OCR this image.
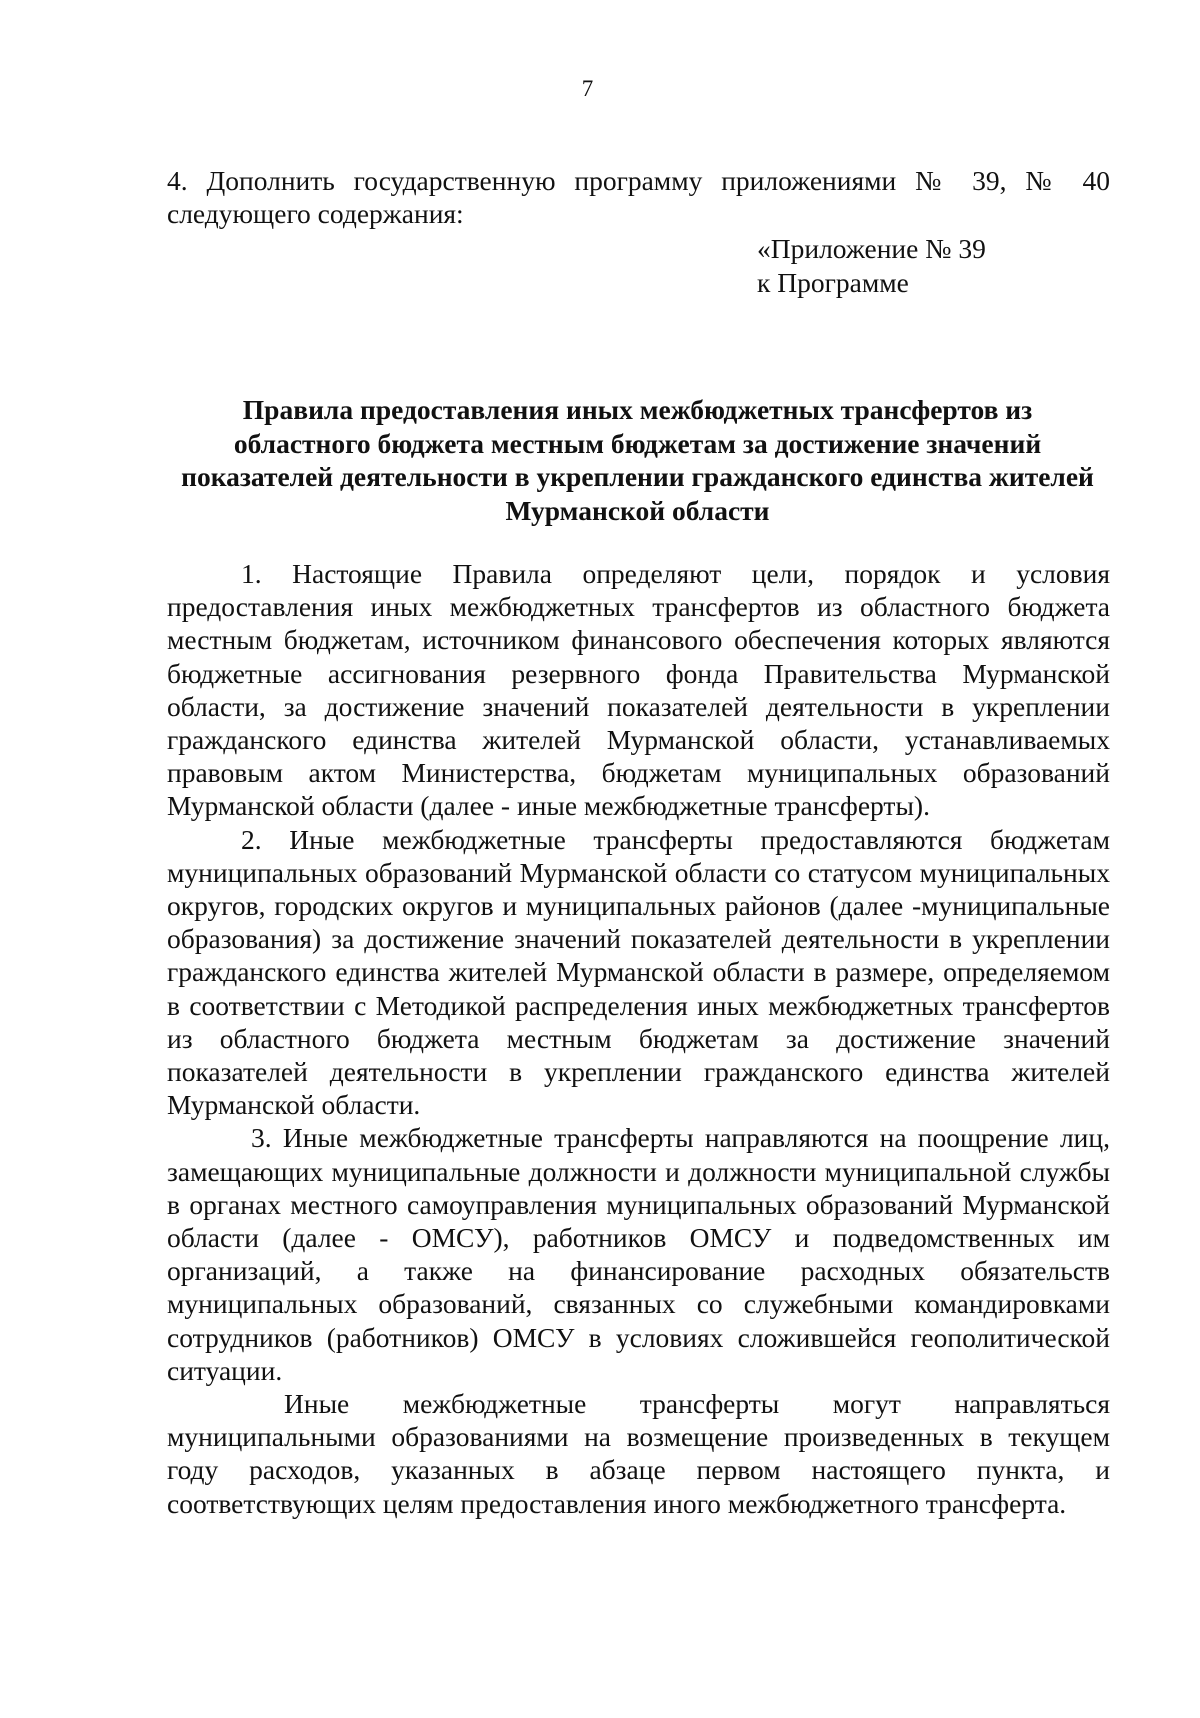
7

4. Дополнить государственную программу приложениями № 39, № 40 следующего содержания:

«Приложение № 39
к Программе
Правила предоставления иных межбюджетных трансфертов из
областного бюджета местным бюджетам за достижение значений
показателей деятельности в укреплении гражданского единства жителей
Мурманской области

1. Настоящие Правила определяют цели, порядок и условия предоставления иных межбюджетных трансфертов из областного бюджета местным бюджетам, источником финансового обеспечения которых являются бюджетные ассигнования резервного фонда Правительства Мурманской области, за достижение значений показателей деятельности в укреплении гражданского единства жителей Мурманской области, устанавливаемых правовым актом Министерства, бюджетам муниципальных образований Мурманской области (далее - иные межбюджетные трансферты).

2. Иные межбюджетные трансферты предоставляются бюджетам муниципальных образований Мурманской области со статусом муниципальных округов, городских округов и муниципальных районов (далее -муниципальные образования) за достижение значений показателей деятельности в укреплении гражданского единства жителей Мурманской области в размере, определяемом в соответствии с Методикой распределения иных межбюджетных трансфертов из областного бюджета местным бюджетам за достижение значений показателей деятельности в укреплении гражданского единства жителей Мурманской области.

3. Иные межбюджетные трансферты направляются на поощрение лиц, замещающих муниципальные должности и должности муниципальной службы в органах местного самоуправления муниципальных образований Мурманской области (далее - ОМСУ), работников ОМСУ и подведомственных им организаций, а также на финансирование расходных обязательств муниципальных образований, связанных со служебными командировками сотрудников (работников) ОМСУ в условиях сложившейся геополитической ситуации.

Иные межбюджетные трансферты могут направляться муниципальными образованиями на возмещение произведенных в текущем году расходов, указанных в абзаце первом настоящего пункта, и соответствующих целям предоставления иного межбюджетного трансферта.
